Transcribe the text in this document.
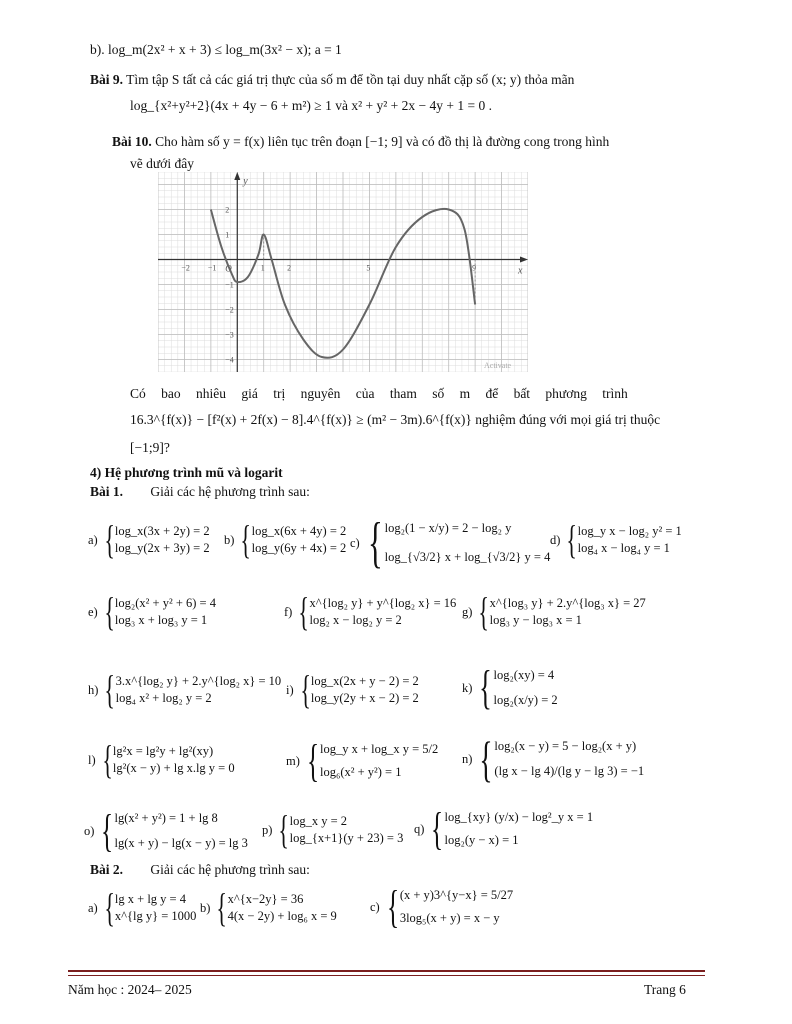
b). log_m(2x² + x + 3) ≤ log_m(3x² − x); a = 1
Bài 9. Tìm tập S tất cả các giá trị thực của số m để tồn tại duy nhất cặp số (x; y) thỏa mãn
log_{x²+y²+2}(4x + 4y − 6 + m²) ≥ 1 và x² + y² + 2x − 4y + 1 = 0 .
Bài 10. Cho hàm số y = f(x) liên tục trên đoạn [−1; 9] và có đồ thị là đường cong trong hình
vẽ dưới đây
x
y
O
−2 −1	1	2	5	9
2
1
−1
−2
−3
−4
Activate
Có bao nhiêu giá trị nguyên của tham số m để bất phương trình
16.3^{f(x)} − [f²(x) + 2f(x) − 8].4^{f(x)} ≥ (m² − 3m).6^{f(x)} nghiệm đúng với mọi giá trị thuộc
[−1;9]?
4) Hệ phương trình mũ và logarit
Bài 1. Giải các hệ phương trình sau:
a) { log_x(3x + 2y) = 2
log_y(2x + 3y) = 2
b) { log_x(6x + 4y) = 2
log_y(6y + 4x) = 2 c) { log₂(1 − x/y) = 2 − log₂ y
log_{√3/2} x + log_{√3/2} y = 4
d) { log_y x − log₂ y² = 1
log₄ x − log₄ y = 1
e) { log₂(x² + y² + 6) = 4
log₃ x + log₃ y = 1
f) { x^{log₂ y} + y^{log₂ x} = 16
log₂ x − log₂ y = 2
g) { x^{log₃ y} + 2.y^{log₃ x} = 27
log₃ y − log₃ x = 1
h) { 3.x^{log₂ y} + 2.y^{log₂ x} = 10
log₄ x² + log₂ y = 2
i) { log_x(2x + y − 2) = 2
log_y(2y + x − 2) = 2
k) { log₂(xy) = 4
log₂(x/y) = 2
l) { lg²x = lg²y + lg²(xy)
lg²(x − y) + lg x.lg y = 0
m) { log_y x + log_x y = 5/2
log₆(x² + y²) = 1
n) { log₂(x − y) = 5 − log₂(x + y)
(lg x − lg 4)/(lg y − lg 3) = −1
o) { lg(x² + y²) = 1 + lg 8
lg(x + y) − lg(x − y) = lg 3
p) { log_x y = 2
log_{x+1}(y + 23) = 3
q) { log_{xy} (y/x) − log²_y x = 1
log₂(y − x) = 1
Bài 2. Giải các hệ phương trình sau:
a) { lg x + lg y = 4
x^{lg y} = 1000
b) { x^{x−2y} = 36
4(x − 2y) + log₆ x = 9
c) { (x + y)3^{y−x} = 5/27
3log₅(x + y) = x − y
Năm học : 2024– 2025	Trang 6
